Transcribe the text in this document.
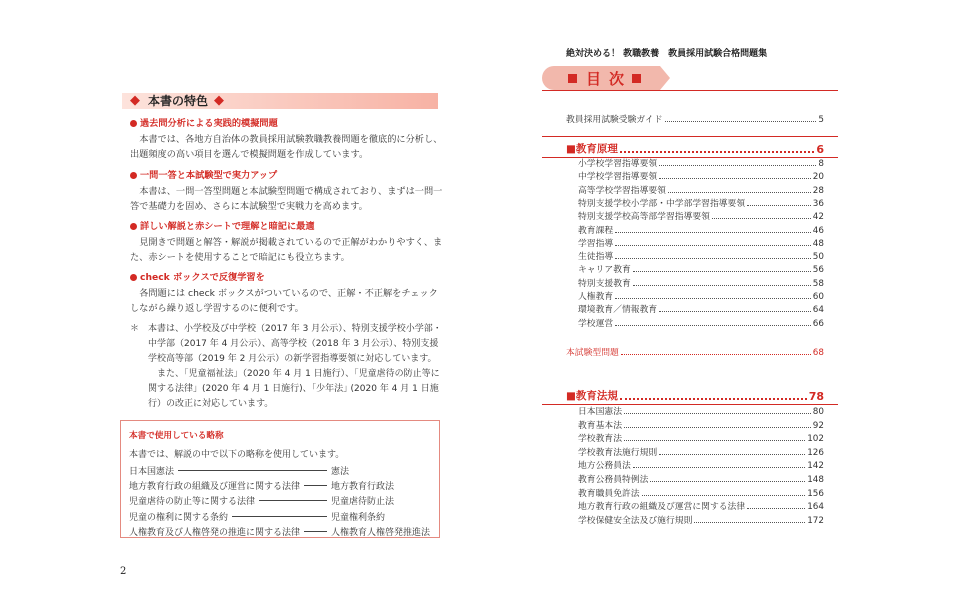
◆ 本書の特色 ◆
過去問分析による実践的模擬問題
本書では、各地方自治体の教員採用試験教職教養問題を徹底的に分析し、出題頻度の高い項目を選んで模擬問題を作成しています。
一問一答と本試験型で実力アップ
本書は、一問一答型問題と本試験型問題で構成されており、まずは一問一答で基礎力を固め、さらに本試験型で実戦力を高めます。
詳しい解説と赤シートで理解と暗記に最適
見開きで問題と解答・解説が掲載されているので正解がわかりやすく、また、赤シートを使用することで暗記にも役立ちます。
check ボックスで反復学習を
各問題には check ボックスがついているので、正解・不正解をチェックしながら繰り返し学習するのに便利です。
＊ 本書は、小学校及び中学校（2017 年 3 月公示）、特別支援学校小学部・中学部（2017 年 4 月公示）、高等学校（2018 年 3 月公示）、特別支援学校高等部（2019 年 2 月公示）の新学習指導要領に対応しています。
また、「児童福祉法」（2020 年 4 月 1 日施行）、「児童虐待の防止等に関する法律」(2020 年 4 月 1 日施行)、｢少年法｣ (2020 年 4 月 1 日施行）の改正に対応しています。
本書で使用している略称
本書では、解説の中で以下の略称を使用しています。
日本国憲法	憲法
地方教育行政の組織及び運営に関する法律	地方教育行政法
児童虐待の防止等に関する法律	児童虐待防止法
児童の権利に関する条約	児童権利条約
人権教育及び人権啓発の推進に関する法律	人権教育人権啓発推進法
2
絶対決める！ 教職教養　教員採用試験合格問題集
目次
教員採用試験受験ガイド	5
■教育原理	6
小学校学習指導要領	8
中学校学習指導要領	20
高等学校学習指導要領	28
特別支援学校小学部・中学部学習指導要領	36
特別支援学校高等部学習指導要領	42
教育課程	46
学習指導	48
生徒指導	50
キャリア教育	56
特別支援教育	58
人権教育	60
環境教育／情報教育	64
学校運営	66
本試験型問題	68
■教育法規	78
日本国憲法	80
教育基本法	92
学校教育法	102
学校教育法施行規則	126
地方公務員法	142
教育公務員特例法	148
教育職員免許法	156
地方教育行政の組織及び運営に関する法律	164
学校保健安全法及び施行規則	172
